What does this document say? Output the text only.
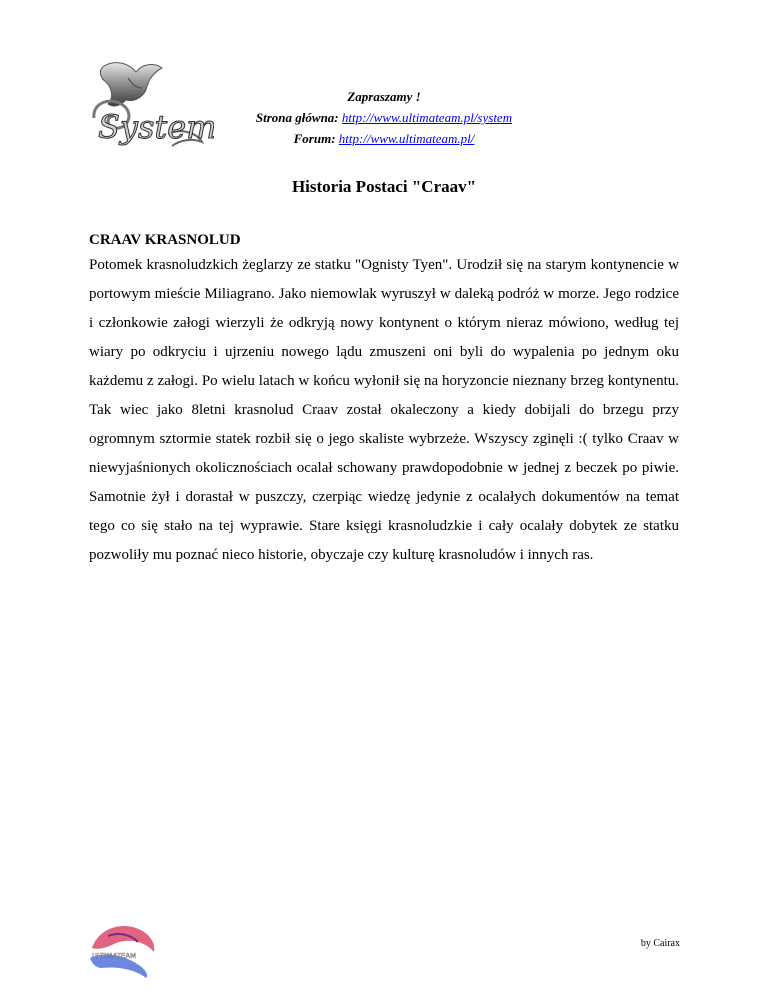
System
Zapraszamy !
Strona główna: http://www.ultimateam.pl/system
Forum: http://www.ultimateam.pl/
Historia Postaci "Craav"
CRAAV KRASNOLUD

Potomek krasnoludzkich żeglarzy ze statku "Ognisty Tyen". Urodził się na starym kontynencie w portowym mieście Miliagrano. Jako niemowlak wyruszył w daleką podróż w morze. Jego rodzice i członkowie załogi wierzyli że odkryją nowy kontynent o którym nieraz mówiono, według tej wiary po odkryciu i ujrzeniu nowego lądu zmuszeni oni byli do wypalenia po jednym oku każdemu z załogi. Po wielu latach w końcu wyłonił się na horyzoncie nieznany brzeg kontynentu. Tak wiec jako 8letni krasnolud Craav został okaleczony a kiedy dobijali do brzegu przy ogromnym sztormie statek rozbił się o jego skaliste wybrzeże. Wszyscy zginęli :( tylko Craav w niewyjaśnionych okolicznościach ocalał schowany prawdopodobnie w jednej z beczek po piwie. Samotnie żył i dorastał w puszczy, czerpiąc wiedzę jedynie z ocalałych dokumentów na temat tego co się stało na tej wyprawie. Stare księgi krasnoludzkie i cały ocalały dobytek ze statku pozwoliły mu poznać nieco historie, obyczaje czy kulturę krasnoludów i innych ras.

ULTIMATEAM
by Cairax
